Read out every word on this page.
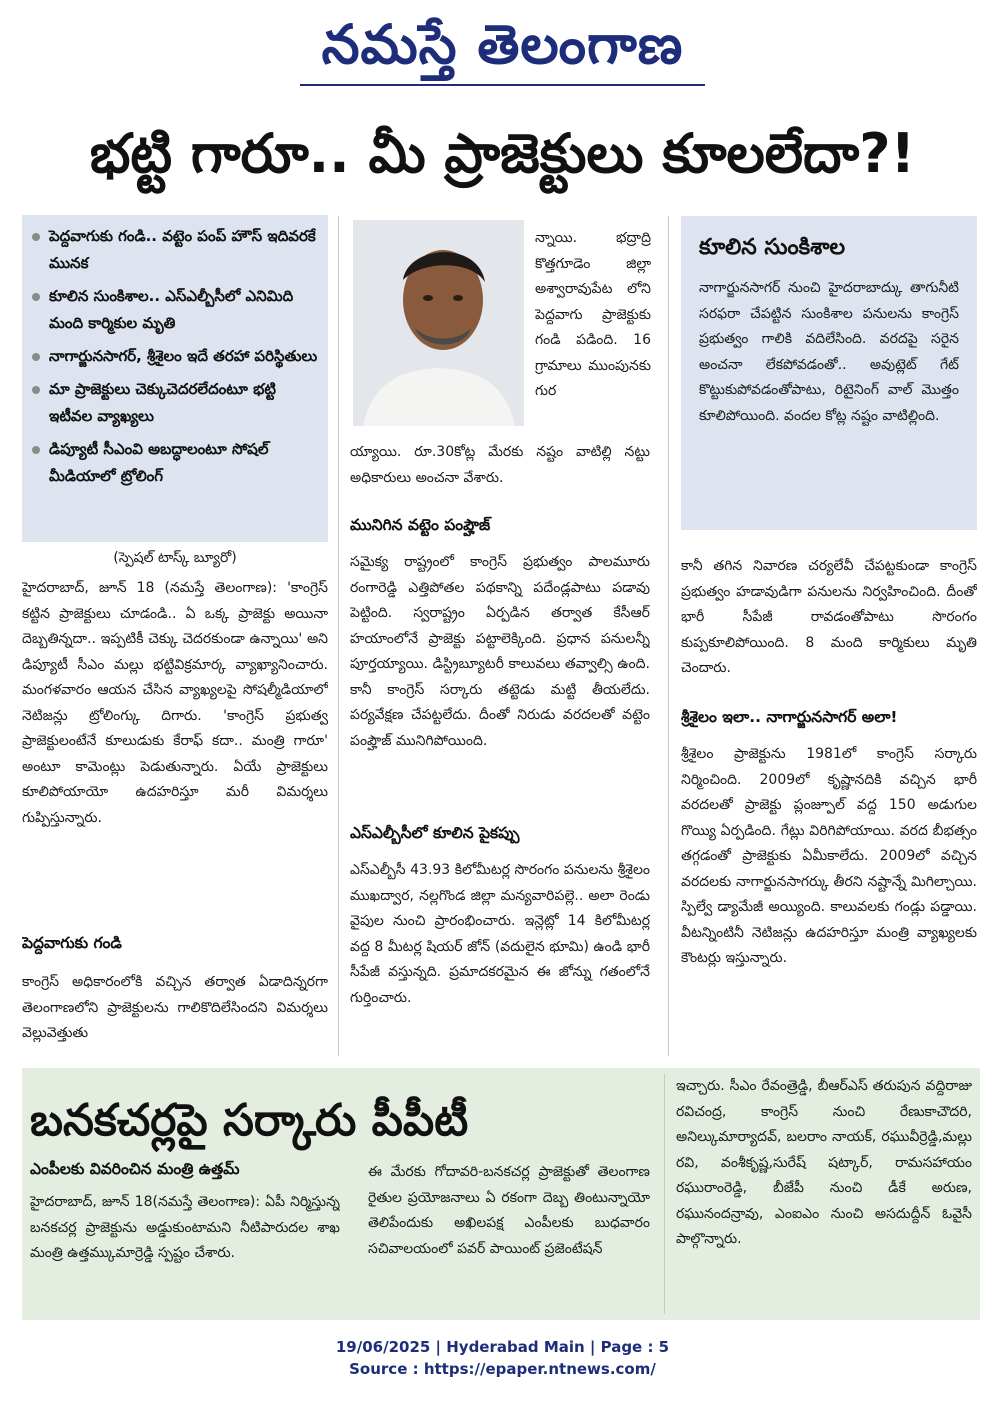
నమస్తే తెలంగాణ
భట్టి గారూ.. మీ ప్రాజెక్టులు కూలలేదా?!
పెద్దవాగుకు గండి.. వట్టెం పంప్ హౌస్ ఇదివరకే మునక
కూలిన సుంకిశాల.. ఎస్ఎల్బీసీలో ఎనిమిది మంది కార్మికుల మృతి
నాగార్జునసాగర్, శ్రీశైలం ఇదే తరహా పరిస్థితులు
మా ప్రాజెక్టులు చెక్కుచెదరలేదంటూ భట్టి ఇటీవల వ్యాఖ్యలు
డిప్యూటీ సీఎంవి అబద్ధాలంటూ సోషల్ మీడియాలో ట్రోలింగ్
(స్పెషల్ టాస్క్ బ్యూరో)
హైదరాబాద్, జూన్ 18 (నమస్తే తెలంగాణ): 'కాంగ్రెస్ కట్టిన ప్రాజెక్టులు చూడండి.. ఏ ఒక్క ప్రాజెక్టు అయినా దెబ్బతిన్నదా.. ఇప్పటికీ చెక్కు చెదరకుండా ఉన్నాయి' అని డిప్యూటీ సీఎం మల్లు భట్టివిక్రమార్క వ్యాఖ్యానించారు. మంగళవారం ఆయన చేసిన వ్యాఖ్యలపై సోషల్మీడియాలో నెటిజన్లు ట్రోలింగ్కు దిగారు. 'కాంగ్రెస్ ప్రభుత్వ ప్రాజెక్టులంటేనే కూలుడుకు కేరాఫ్ కదా.. మంత్రి గారూ' అంటూ కామెంట్లు పెడుతున్నారు. ఏయే ప్రాజెక్టులు కూలిపోయాయో ఉదహరిస్తూ మరీ విమర్శలు గుప్పిస్తున్నారు.
పెద్దవాగుకు గండి
కాంగ్రెస్ అధికారంలోకి వచ్చిన తర్వాత ఏడాదిన్నరగా తెలంగాణలోని ప్రాజెక్టులను గాలికొదిలేసిందని విమర్శలు వెల్లువెత్తుతు
న్నాయి. భద్రాద్రి కొత్తగూడెం జిల్లా అశ్వారావుపేట లోని పెద్దవాగు ప్రాజెక్టుకు గండి పడింది. 16 గ్రామాలు ముంపునకు గుర
య్యాయి. రూ.30కోట్ల మేరకు నష్టం వాటిల్లి నట్టు అధికారులు అంచనా వేశారు.
మునిగిన వట్టెం పంప్హౌజ్
సమైక్య రాష్ట్రంలో కాంగ్రెస్ ప్రభుత్వం పాలమూరు రంగారెడ్డి ఎత్తిపోతల పథకాన్ని పదేండ్లపాటు పడావు పెట్టింది. స్వరాష్ట్రం ఏర్పడిన తర్వాత కేసీఆర్ హయాంలోనే ప్రాజెక్టు పట్టాలెక్కింది. ప్రధాన పనులన్నీ పూర్తయ్యాయి. డిస్ట్రిబ్యూటరీ కాలువలు తవ్వాల్సి ఉంది. కానీ కాంగ్రెస్ సర్కారు తట్టెడు మట్టి తీయలేదు. పర్యవేక్షణ చేపట్టలేదు. దీంతో నిరుడు వరదలతో వట్టెం పంప్హౌజ్ మునిగిపోయింది.
ఎస్ఎల్బీసీలో కూలిన పైకప్పు
ఎస్ఎల్బీసీ 43.93 కిలోమీటర్ల సొరంగం పనులను శ్రీశైలం ముఖద్వార, నల్లగొండ జిల్లా మన్యవారిపల్లె.. అలా రెండు వైపుల నుంచి ప్రారంభించారు. ఇన్లెట్లో 14 కిలోమీటర్ల వద్ద 8 మీటర్ల షియర్ జోన్ (వదులైన భూమి) ఉండి భారీ సీపేజీ వస్తున్నది. ప్రమాదకరమైన ఈ జోన్ను గతంలోనే గుర్తించారు.
కూలిన సుంకిశాల
నాగార్జునసాగర్ నుంచి హైదరాబాద్కు తాగునీటి సరఫరా చేపట్టిన సుంకిశాల పనులను కాంగ్రెస్ ప్రభుత్వం గాలికి వదిలేసింది. వరదపై సరైన అంచనా లేకపోవడంతో.. అవుట్లెట్ గేట్ కొట్టుకుపోవడంతోపాటు, రిటైనింగ్ వాల్ మొత్తం కూలిపోయింది. వందల కోట్ల నష్టం వాటిల్లింది.
కానీ తగిన నివారణ చర్యలేవీ చేపట్టకుండా కాంగ్రెస్ ప్రభుత్వం హడావుడిగా పనులను నిర్వహించింది. దీంతో భారీ సీపేజీ రావడంతోపాటు సొరంగం కుప్పకూలిపోయింది. 8 మంది కార్మికులు మృతి చెందారు.
శ్రీశైలం ఇలా.. నాగార్జునసాగర్ అలా!
శ్రీశైలం ప్రాజెక్టును 1981లో కాంగ్రెస్ సర్కారు నిర్మించింది. 2009లో కృష్ణానదికి వచ్చిన భారీ వరదలతో ప్రాజెక్టు ప్లంజ్పూల్ వద్ద 150 అడుగుల గొయ్యి ఏర్పడింది. గేట్లు విరిగిపోయాయి. వరద బీభత్సం తగ్గడంతో ప్రాజెక్టుకు ఏమీకాలేదు. 2009లో వచ్చిన వరదలకు నాగార్జునసాగర్కు తీరని నష్టాన్నే మిగిల్చాయి. స్పిల్వే డ్యామేజీ అయ్యింది. కాలువలకు గండ్లు పడ్డాయి. వీటన్నింటినీ నెటిజన్లు ఉదహరిస్తూ మంత్రి వ్యాఖ్యలకు కౌంటర్లు ఇస్తున్నారు.
బనకచర్లపై సర్కారు పీపీటీ
ఎంపీలకు వివరించిన మంత్రి ఉత్తమ్
హైదరాబాద్, జూన్ 18(నమస్తే తెలంగాణ): ఏపీ నిర్మిస్తున్న బనకచర్ల ప్రాజెక్టును అడ్డుకుంటామని నీటిపారుదల శాఖ మంత్రి ఉత్తమ్కుమార్రెడ్డి స్పష్టం చేశారు.
ఈ మేరకు గోదావరి-బనకచర్ల ప్రాజెక్టుతో తెలంగాణ రైతుల ప్రయోజనాలు ఏ రకంగా దెబ్బ తింటున్నాయో తెలిపేందుకు అఖిలపక్ష ఎంపీలకు బుధవారం సచివాలయంలో పవర్ పాయింట్ ప్రజెంటేషన్
ఇచ్చారు. సీఎం రేవంత్రెడ్డి, బీఆర్ఎస్ తరుపున వద్దిరాజు రవిచంద్ర, కాంగ్రెస్ నుంచి రేణుకాచౌదరి, అనిల్కుమార్యాదవ్, బలరాం నాయక్, రఘువీర్రెడ్డి,మల్లు రవి, వంశీకృష్ణ,సురేష్ షట్కార్, రామసహాయం రఘురాంరెడ్డి, బీజేపీ నుంచి డీకే అరుణ, రఘునందన్రావు, ఎంఐఎం నుంచి అసదుద్దీన్ ఓవైసీ పాల్గొన్నారు.
19/06/2025 | Hyderabad Main | Page : 5
Source : https://epaper.ntnews.com/
